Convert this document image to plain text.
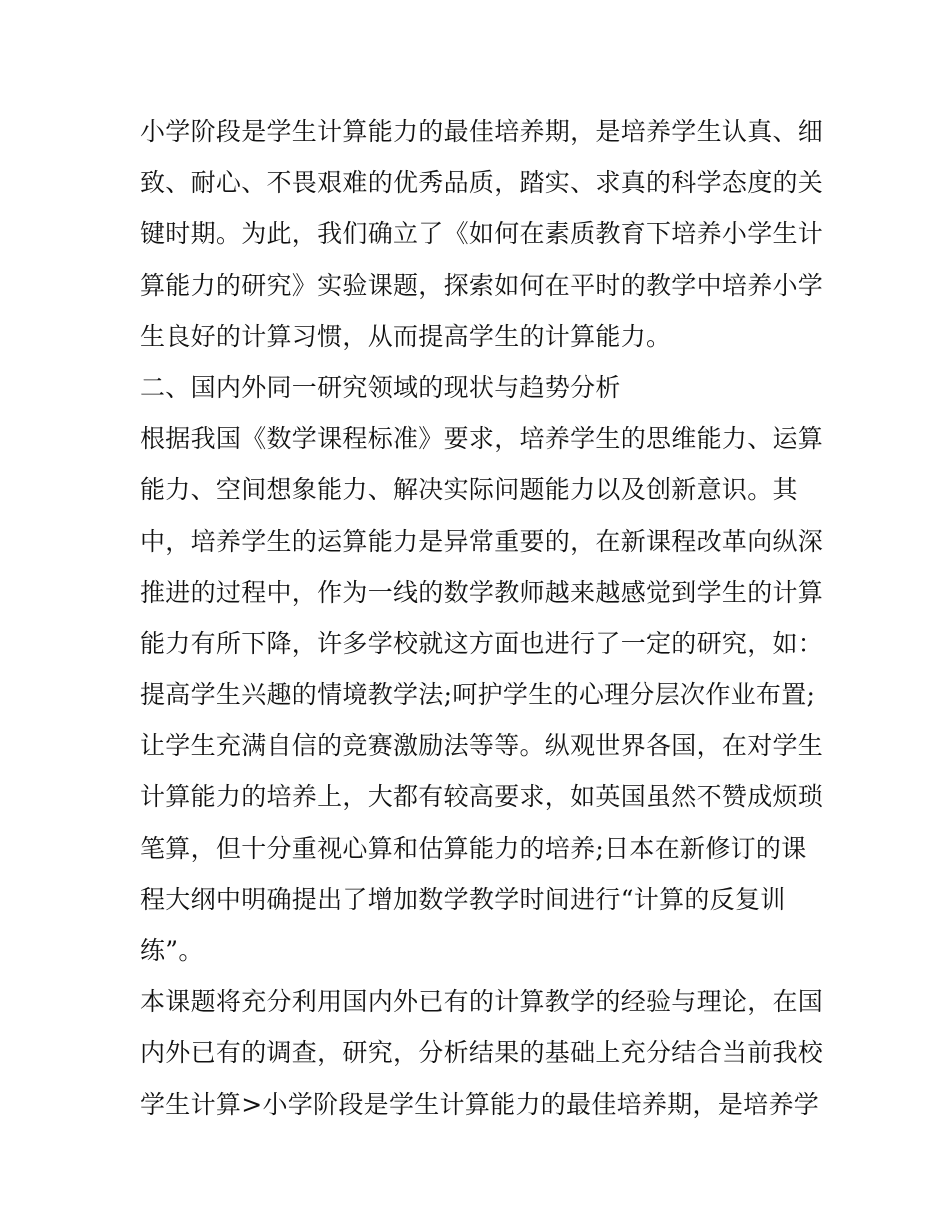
小学阶段是学生计算能力的最佳培养期，是培养学生认真、细
致、耐心、不畏艰难的优秀品质，踏实、求真的科学态度的关
键时期。为此，我们确立了《如何在素质教育下培养小学生计
算能力的研究》实验课题，探索如何在平时的教学中培养小学
生良好的计算习惯，从而提高学生的计算能力。
二、国内外同一研究领域的现状与趋势分析
根据我国《数学课程标准》要求，培养学生的思维能力、运算
能力、空间想象能力、解决实际问题能力以及创新意识。其
中，培养学生的运算能力是异常重要的，在新课程改革向纵深
推进的过程中，作为一线的数学教师越来越感觉到学生的计算
能力有所下降，许多学校就这方面也进行了一定的研究，如：
提高学生兴趣的情境教学法;呵护学生的心理分层次作业布置;
让学生充满自信的竞赛激励法等等。纵观世界各国，在对学生
计算能力的培养上，大都有较高要求，如英国虽然不赞成烦琐
笔算，但十分重视心算和估算能力的培养;日本在新修订的课
程大纲中明确提出了增加数学教学时间进行“计算的反复训
练”。
本课题将充分利用国内外已有的计算教学的经验与理论，在国
内外已有的调查，研究，分析结果的基础上充分结合当前我校
学生计算>小学阶段是学生计算能力的最佳培养期，是培养学
